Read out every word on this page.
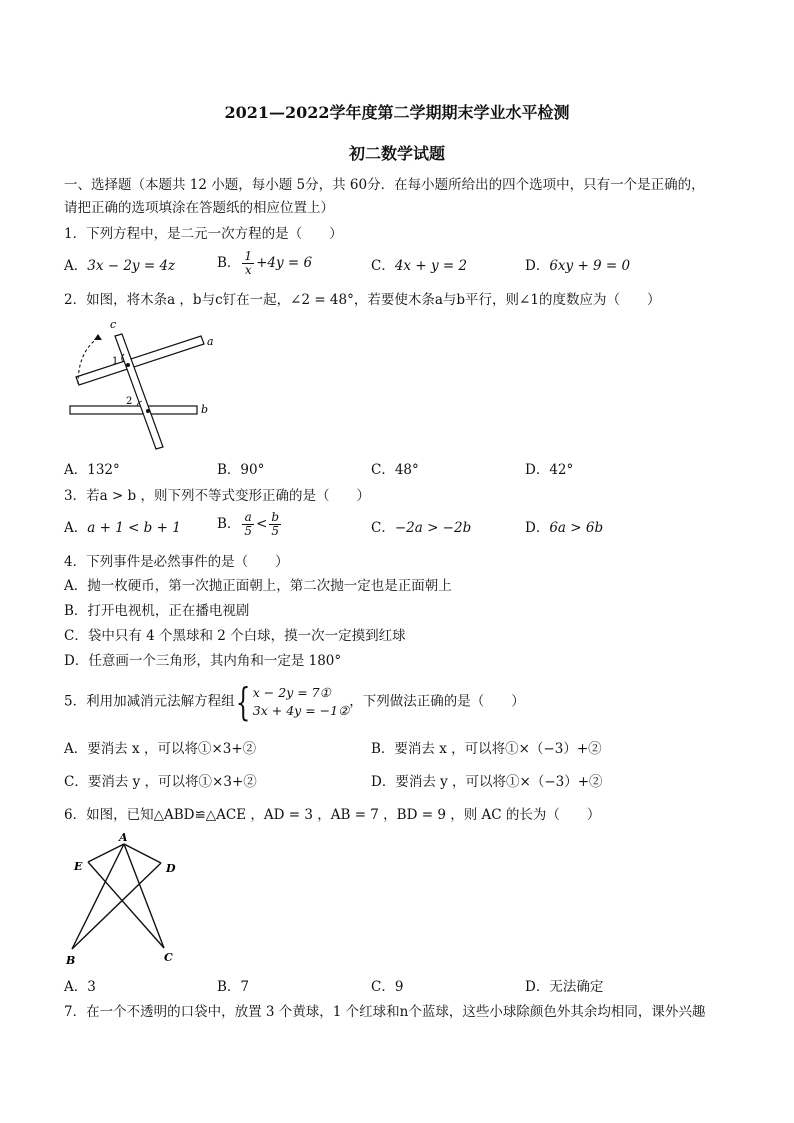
2021—2022学年度第二学期期末学业水平检测
初二数学试题
一、选择题（本题共 12 小题，每小题 5分，共 60分．在每小题所给出的四个选项中，只有一个是正确的，
请把正确的选项填涂在答题纸的相应位置上）
1．下列方程中，是二元一次方程的是（　　）
A．3x − 2y = 4z	B． $\frac{1}{x} +4y = 6$	C．4x + y = 2	D．6xy + 9 = 0
2．如图，将木条a ，b与c钉在一起，∠2 = 48°，若要使木条a与b平行，则∠1的度数应为（　　）
c
a
b
1
2
A．132°	B．90°	C．48°	D．42°
3．若a > b ，则下列不等式变形正确的是（　　）
A．a + 1 < b + 1	B． $\frac{a}{5} < \frac{b}{5}$	C．−2a > −2b	D．6a > 6b
4．下列事件是必然事件的是（　　）
A．抛一枚硬币，第一次抛正面朝上，第二次抛一定也是正面朝上
B．打开电视机，正在播电视剧
C．袋中只有 4 个黑球和 2 个白球，摸一次一定摸到红球
D．任意画一个三角形，其内角和一定是 180°
5．利用加减消元法解方程组{ x − 2y = 7①
3x + 4y = −1②
，下列做法正确的是（　　）
A．要消去 x ，可以将①×3+②	B．要消去 x ，可以将①×（−3）+②
C．要消去 y ，可以将①×3+②	D．要消去 y ，可以将①×（−3）+②
6．如图，已知△ABD≌△ACE ，AD = 3 ，AB = 7 ，BD = 9 ，则 AC 的长为（　　）
A
E	D
B	C
A．3	B．7	C．9	D．无法确定
7．在一个不透明的口袋中，放置 3 个黄球，1 个红球和n个蓝球，这些小球除颜色外其余均相同，课外兴趣
